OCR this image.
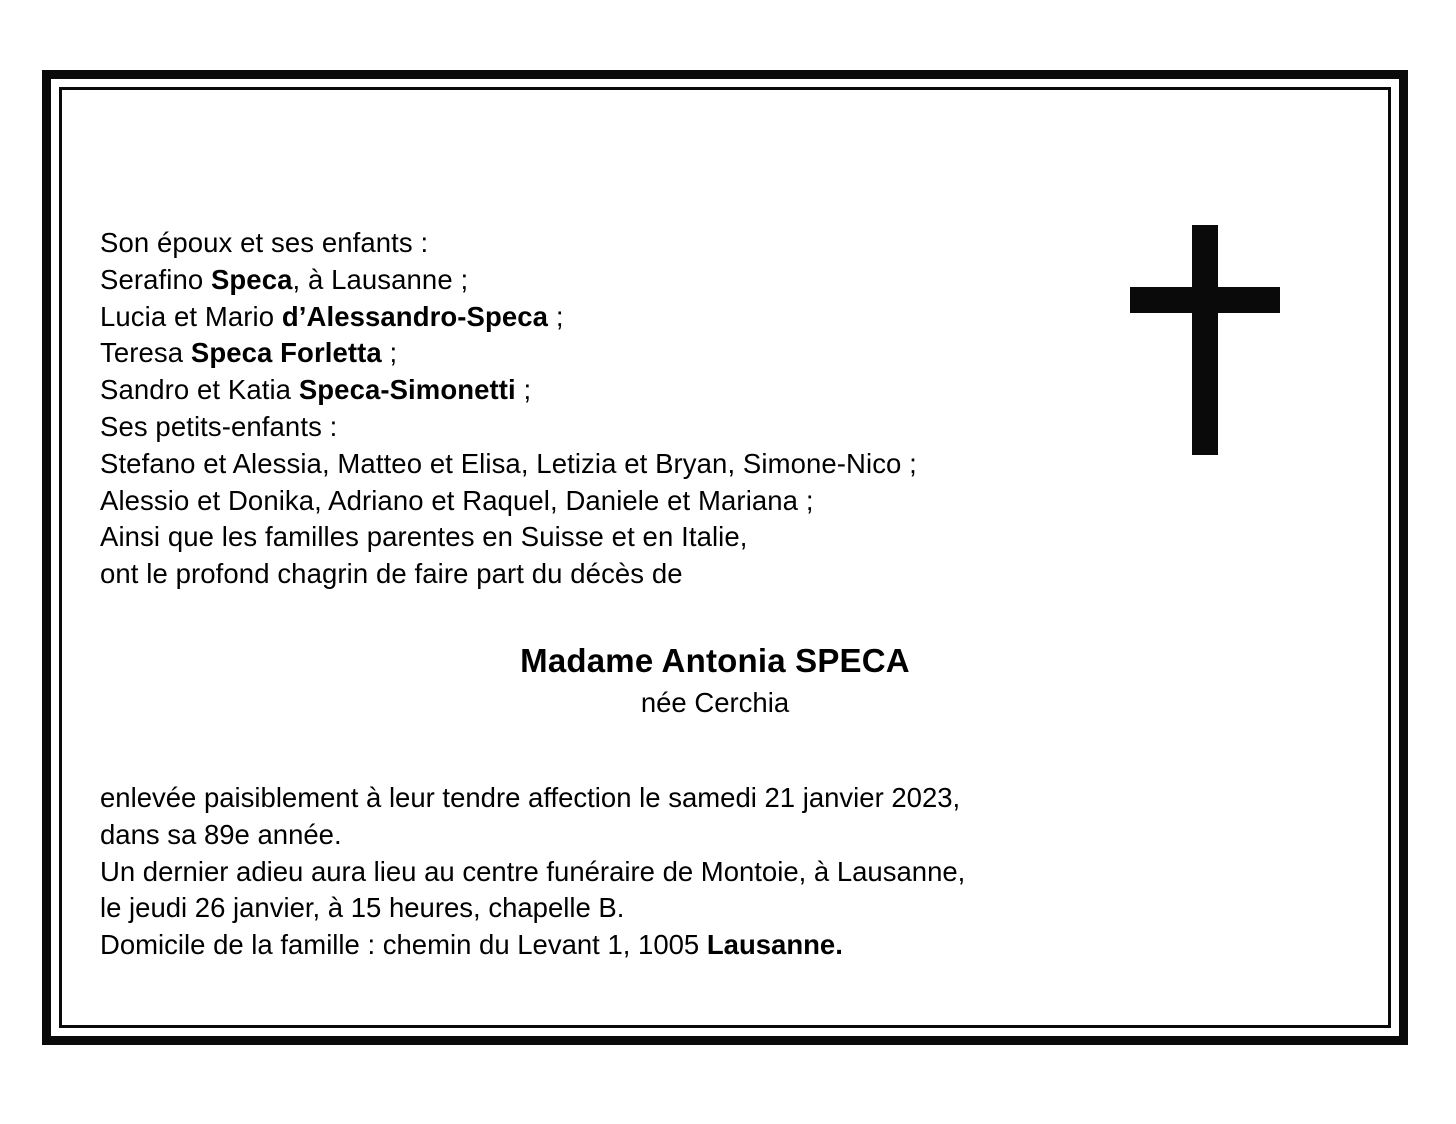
Son époux et ses enfants :
Serafino Speca, à Lausanne ;
Lucia et Mario d’Alessandro-Speca ;
Teresa Speca Forletta ;
Sandro et Katia Speca-Simonetti ;
Ses petits-enfants :
Stefano et Alessia, Matteo et Elisa, Letizia et Bryan, Simone-Nico ;
Alessio et Donika, Adriano et Raquel, Daniele et Mariana ;
Ainsi que les familles parentes en Suisse et en Italie,
ont le profond chagrin de faire part du décès de
Madame Antonia SPECA
née Cerchia
enlevée paisiblement à leur tendre affection le samedi 21 janvier 2023,
dans sa 89e année.
Un dernier adieu aura lieu au centre funéraire de Montoie, à Lausanne,
le jeudi 26 janvier, à 15 heures, chapelle B.
Domicile de la famille : chemin du Levant 1, 1005 Lausanne.
